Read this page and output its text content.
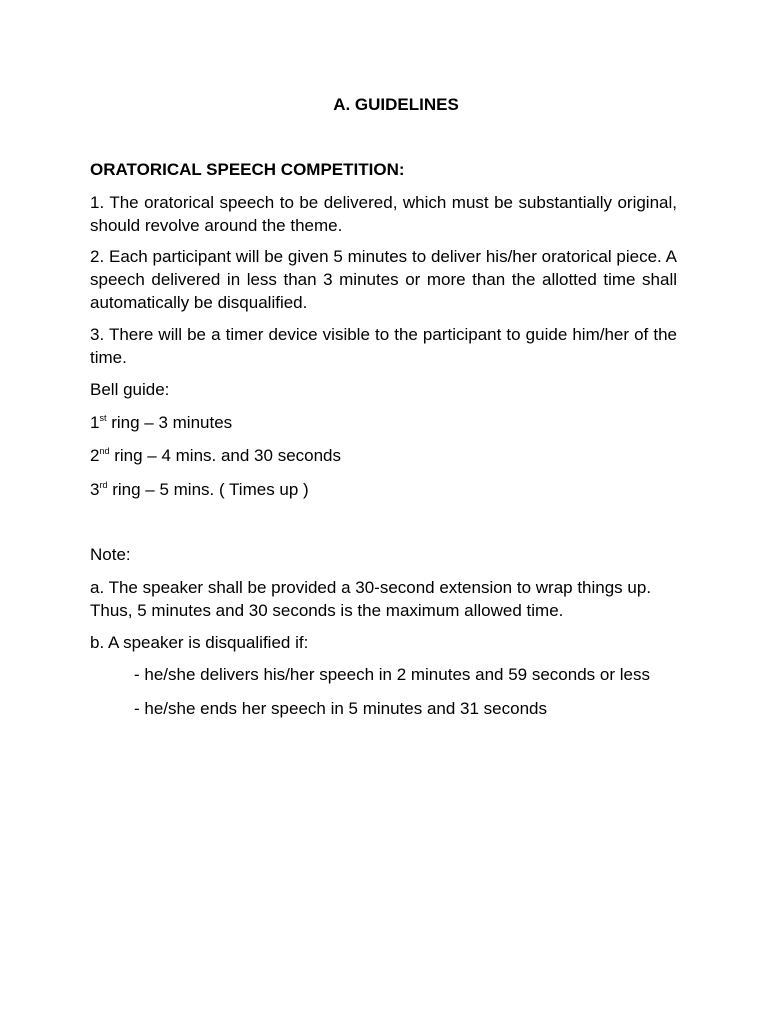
A. GUIDELINES
ORATORICAL SPEECH COMPETITION:
1. The oratorical speech to be delivered, which must be substantially original, should revolve around the theme.
2. Each participant will be given 5 minutes to deliver his/her oratorical piece. A speech delivered in less than 3 minutes or more than the allotted time shall automatically be disqualified.
3. There will be a timer device visible to the participant to guide him/her of the time.
Bell guide:
1st ring – 3 minutes
2nd ring – 4 mins. and 30 seconds
3rd ring – 5 mins. ( Times up )
Note:
a. The speaker shall be provided a 30-second extension to wrap things up. Thus, 5 minutes and 30 seconds is the maximum allowed time.
b. A speaker is disqualified if:
- he/she delivers his/her speech in 2 minutes and 59 seconds or less
- he/she ends her speech in 5 minutes and 31 seconds
